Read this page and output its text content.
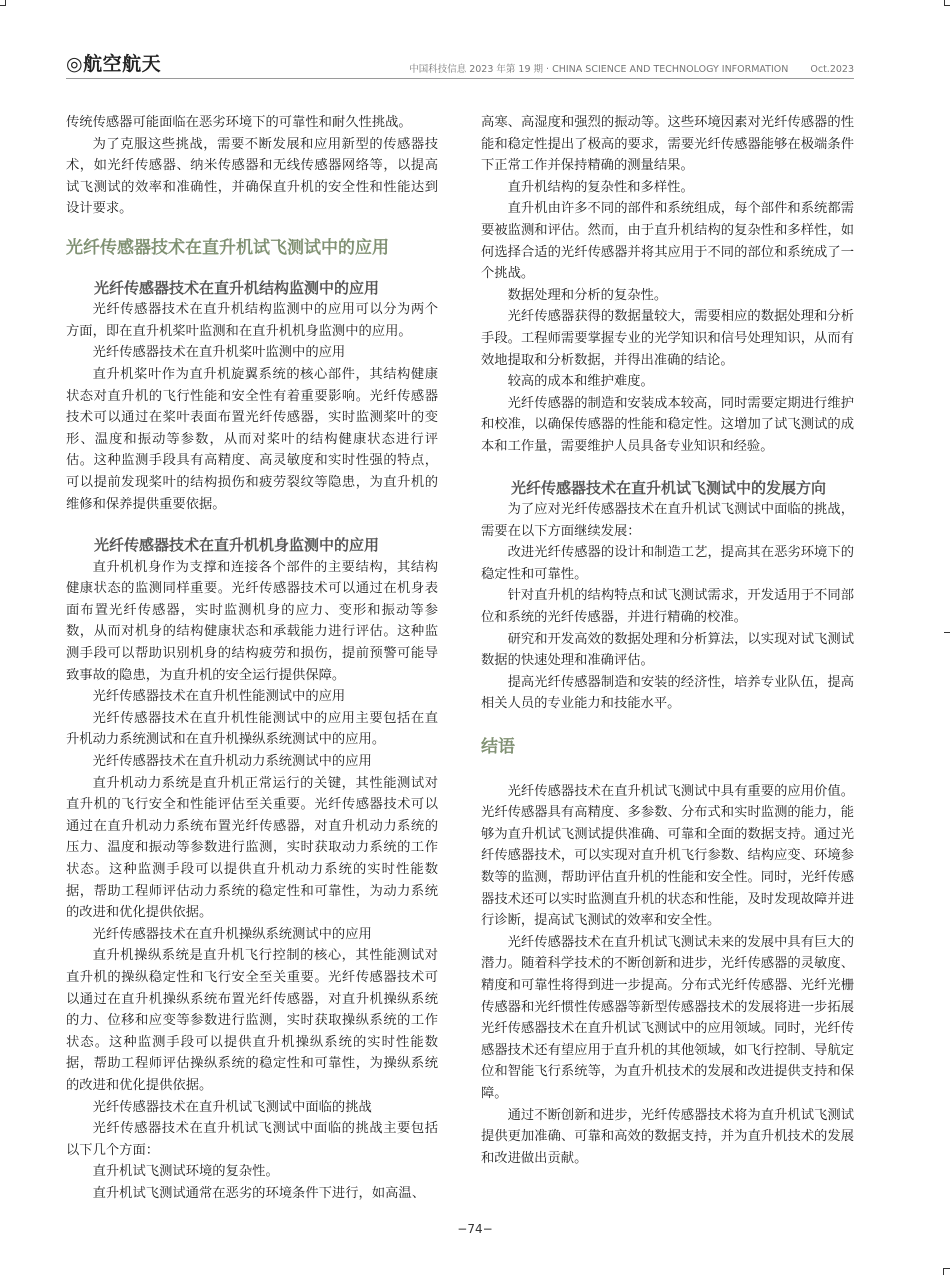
◎航空航天	中国科技信息 2023 年第 19 期 · CHINA SCIENCE AND TECHNOLOGY INFORMATION Oct.2023

传统传感器可能面临在恶劣环境下的可靠性和耐久性挑战。

为了克服这些挑战，需要不断发展和应用新型的传感器技术，如光纤传感器、纳米传感器和无线传感器网络等，以提高试飞测试的效率和准确性，并确保直升机的安全性和性能达到设计要求。

光纤传感器技术在直升机试飞测试中的应用

光纤传感器技术在直升机结构监测中的应用

光纤传感器技术在直升机结构监测中的应用可以分为两个方面，即在直升机桨叶监测和在直升机机身监测中的应用。

光纤传感器技术在直升机桨叶监测中的应用

直升机桨叶作为直升机旋翼系统的核心部件，其结构健康状态对直升机的飞行性能和安全性有着重要影响。光纤传感器技术可以通过在桨叶表面布置光纤传感器，实时监测桨叶的变形、温度和振动等参数，从而对桨叶的结构健康状态进行评估。这种监测手段具有高精度、高灵敏度和实时性强的特点，可以提前发现桨叶的结构损伤和疲劳裂纹等隐患，为直升机的维修和保养提供重要依据。

光纤传感器技术在直升机机身监测中的应用

直升机机身作为支撑和连接各个部件的主要结构，其结构健康状态的监测同样重要。光纤传感器技术可以通过在机身表面布置光纤传感器，实时监测机身的应力、变形和振动等参数，从而对机身的结构健康状态和承载能力进行评估。这种监测手段可以帮助识别机身的结构疲劳和损伤，提前预警可能导致事故的隐患，为直升机的安全运行提供保障。

光纤传感器技术在直升机性能测试中的应用

光纤传感器技术在直升机性能测试中的应用主要包括在直升机动力系统测试和在直升机操纵系统测试中的应用。

光纤传感器技术在直升机动力系统测试中的应用

直升机动力系统是直升机正常运行的关键，其性能测试对直升机的飞行安全和性能评估至关重要。光纤传感器技术可以通过在直升机动力系统布置光纤传感器，对直升机动力系统的压力、温度和振动等参数进行监测，实时获取动力系统的工作状态。这种监测手段可以提供直升机动力系统的实时性能数据，帮助工程师评估动力系统的稳定性和可靠性，为动力系统的改进和优化提供依据。

光纤传感器技术在直升机操纵系统测试中的应用

直升机操纵系统是直升机飞行控制的核心，其性能测试对直升机的操纵稳定性和飞行安全至关重要。光纤传感器技术可以通过在直升机操纵系统布置光纤传感器，对直升机操纵系统的力、位移和应变等参数进行监测，实时获取操纵系统的工作状态。这种监测手段可以提供直升机操纵系统的实时性能数据，帮助工程师评估操纵系统的稳定性和可靠性，为操纵系统的改进和优化提供依据。

光纤传感器技术在直升机试飞测试中面临的挑战

光纤传感器技术在直升机试飞测试中面临的挑战主要包括以下几个方面：

直升机试飞测试环境的复杂性。

直升机试飞测试通常在恶劣的环境条件下进行，如高温、

高寒、高湿度和强烈的振动等。这些环境因素对光纤传感器的性能和稳定性提出了极高的要求，需要光纤传感器能够在极端条件下正常工作并保持精确的测量结果。

直升机结构的复杂性和多样性。

直升机由许多不同的部件和系统组成，每个部件和系统都需要被监测和评估。然而，由于直升机结构的复杂性和多样性，如何选择合适的光纤传感器并将其应用于不同的部位和系统成了一个挑战。

数据处理和分析的复杂性。

光纤传感器获得的数据量较大，需要相应的数据处理和分析手段。工程师需要掌握专业的光学知识和信号处理知识，从而有效地提取和分析数据，并得出准确的结论。

较高的成本和维护难度。

光纤传感器的制造和安装成本较高，同时需要定期进行维护和校准，以确保传感器的性能和稳定性。这增加了试飞测试的成本和工作量，需要维护人员具备专业知识和经验。

光纤传感器技术在直升机试飞测试中的发展方向

为了应对光纤传感器技术在直升机试飞测试中面临的挑战，需要在以下方面继续发展：

改进光纤传感器的设计和制造工艺，提高其在恶劣环境下的稳定性和可靠性。

针对直升机的结构特点和试飞测试需求，开发适用于不同部位和系统的光纤传感器，并进行精确的校准。

研究和开发高效的数据处理和分析算法，以实现对试飞测试数据的快速处理和准确评估。

提高光纤传感器制造和安装的经济性，培养专业队伍，提高相关人员的专业能力和技能水平。

结语

光纤传感器技术在直升机试飞测试中具有重要的应用价值。光纤传感器具有高精度、多参数、分布式和实时监测的能力，能够为直升机试飞测试提供准确、可靠和全面的数据支持。通过光纤传感器技术，可以实现对直升机飞行参数、结构应变、环境参数等的监测，帮助评估直升机的性能和安全性。同时，光纤传感器技术还可以实时监测直升机的状态和性能，及时发现故障并进行诊断，提高试飞测试的效率和安全性。

光纤传感器技术在直升机试飞测试未来的发展中具有巨大的潜力。随着科学技术的不断创新和进步，光纤传感器的灵敏度、精度和可靠性将得到进一步提高。分布式光纤传感器、光纤光栅传感器和光纤惯性传感器等新型传感器技术的发展将进一步拓展光纤传感器技术在直升机试飞测试中的应用领域。同时，光纤传感器技术还有望应用于直升机的其他领域，如飞行控制、导航定位和智能飞行系统等，为直升机技术的发展和改进提供支持和保障。

通过不断创新和进步，光纤传感器技术将为直升机试飞测试提供更加准确、可靠和高效的数据支持，并为直升机技术的发展和改进做出贡献。

−74−
